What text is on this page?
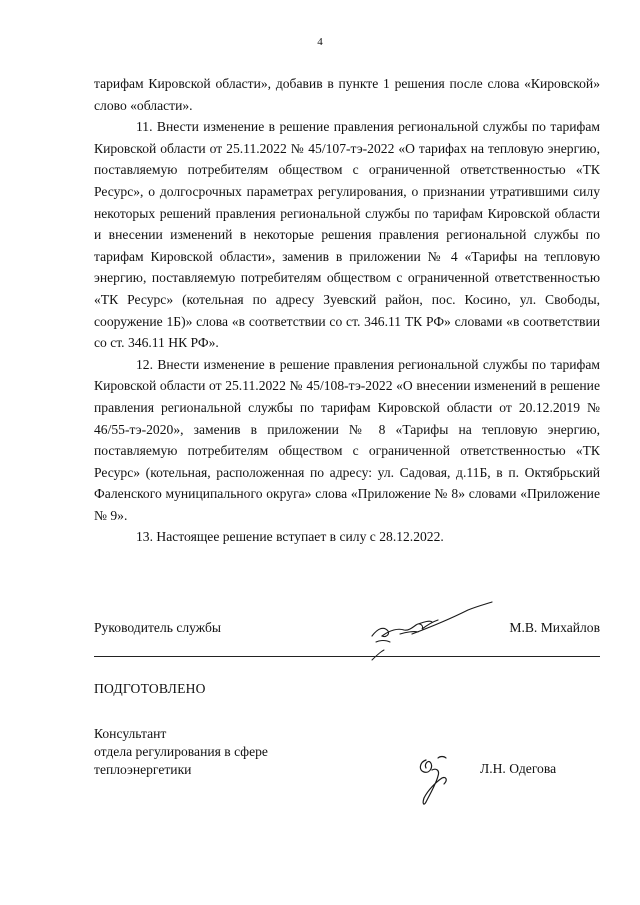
4

тарифам Кировской области», добавив в пункте 1 решения после слова «Кировской» слово «области».

11. Внести изменение в решение правления региональной службы по тарифам Кировской области от 25.11.2022 № 45/107-тэ-2022 «О тарифах на тепловую энергию, поставляемую потребителям обществом с ограниченной ответственностью «ТК Ресурс», о долгосрочных параметрах регулирования, о признании утратившими силу некоторых решений правления региональной службы по тарифам Кировской области и внесении изменений в некоторые решения правления региональной службы по тарифам Кировской области», заменив в приложении № 4 «Тарифы на тепловую энергию, поставляемую потребителям обществом с ограниченной ответственностью «ТК Ресурс» (котельная по адресу Зуевский район, пос. Косино, ул. Свободы, сооружение 1Б)» слова «в соответствии со ст. 346.11 ТК РФ» словами «в соответствии со ст. 346.11 НК РФ».

12. Внести изменение в решение правления региональной службы по тарифам Кировской области от 25.11.2022 № 45/108-тэ-2022 «О внесении изменений в решение правления региональной службы по тарифам Кировской области от 20.12.2019 № 46/55-тэ-2020», заменив в приложении № 8 «Тарифы на тепловую энергию, поставляемую потребителям обществом с ограниченной ответственностью «ТК Ресурс» (котельная, расположенная по адресу: ул. Садовая, д.11Б, в п. Октябрьский Фаленского муниципального округа» слова «Приложение № 8» словами «Приложение № 9».

13. Настоящее решение вступает в силу с 28.12.2022.

Руководитель службы	М.В. Михайлов
ПОДГОТОВЛЕНО
Консультант
отдела регулирования в сфере
теплоэнергетики	Л.Н. Одегова
